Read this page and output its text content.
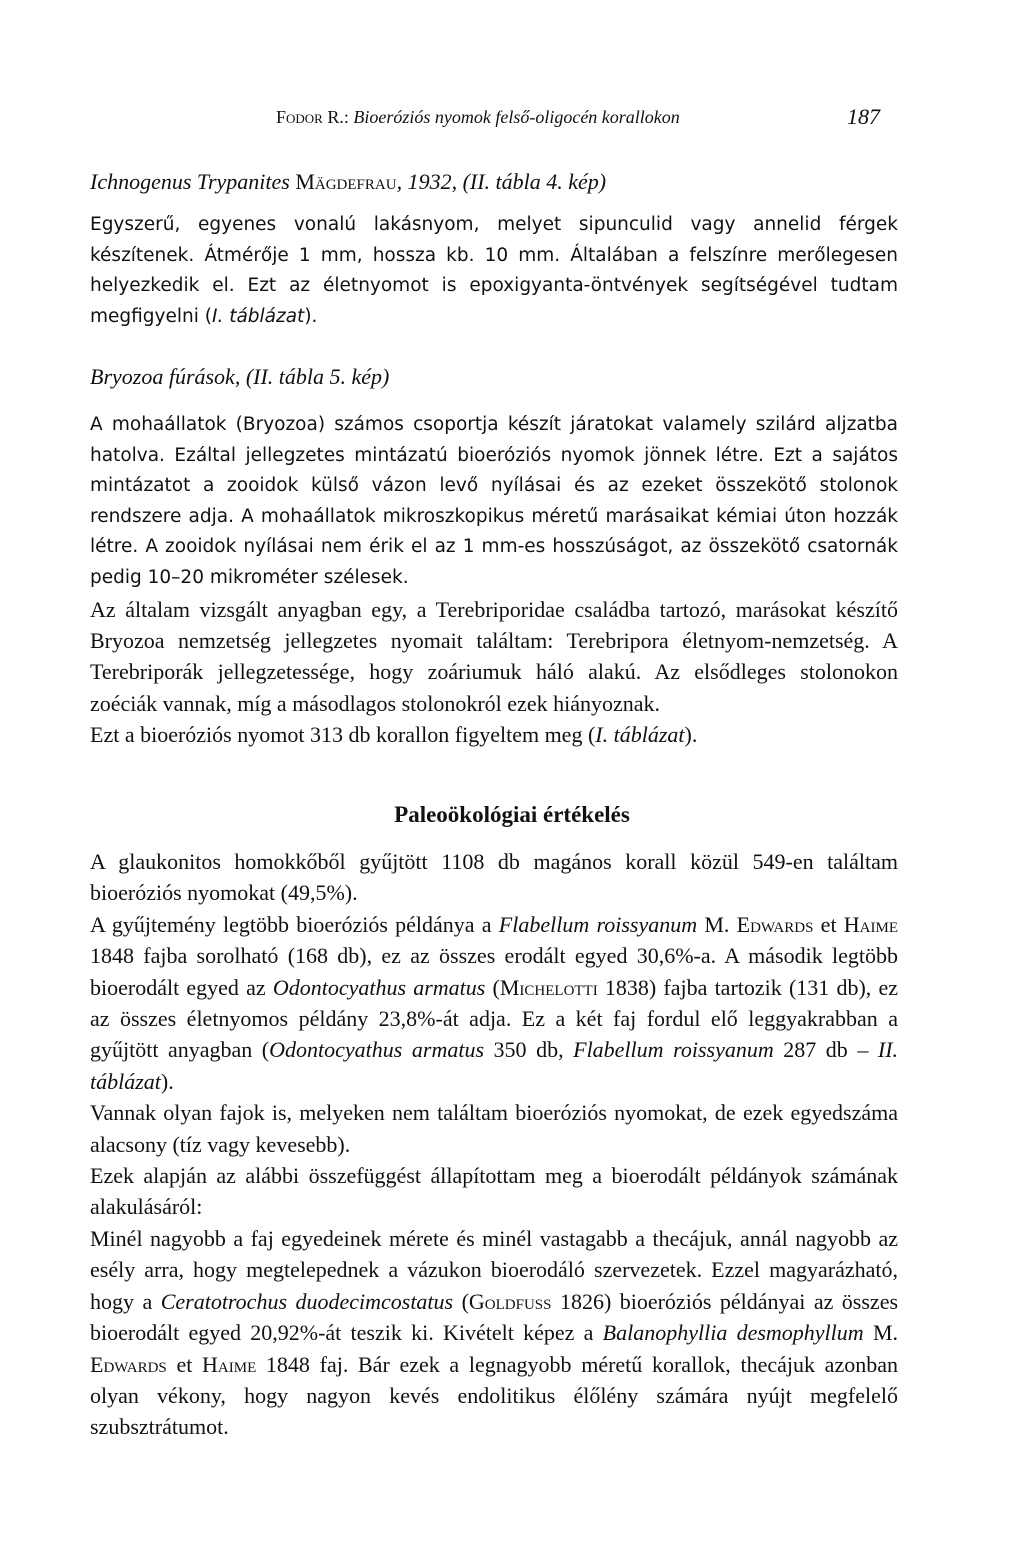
Fodor R.: Bioeróziós nyomok felső-oligocén korallokon	187
Ichnogenus Trypanites Mägdefrau, 1932, (II. tábla 4. kép)

Egyszerű, egyenes vonalú lakásnyom, melyet sipunculid vagy annelid férgek készítenek. Átmérője 1 mm, hossza kb. 10 mm. Általában a felszínre merőlegesen helyezkedik el. Ezt az életnyomot is epoxigyanta-öntvények segítségével tudtam megfigyelni (I. táblázat).

Bryozoa fúrások, (II. tábla 5. kép)

A mohaállatok (Bryozoa) számos csoportja készít járatokat valamely szilárd aljzatba hatolva. Ezáltal jellegzetes mintázatú bioeróziós nyomok jönnek létre. Ezt a sajátos mintázatot a zooidok külső vázon levő nyílásai és az ezeket összekötő stolonok rendszere adja. A mohaállatok mikroszkopikus méretű marásaikat kémiai úton hozzák létre. A zooidok nyílásai nem érik el az 1 mm-es hosszúságot, az összekötő csatornák pedig 10–20 mikrométer szélesek.

Az általam vizsgált anyagban egy, a Terebriporidae családba tartozó, marásokat készítő Bryozoa nemzetség jellegzetes nyomait találtam: Terebripora életnyom-nemzetség. A Terebriporák jellegzetessége, hogy zoáriumuk háló alakú. Az elsődleges stolonokon zoéciák vannak, míg a másodlagos stolonokról ezek hiányoznak.

Ezt a bioeróziós nyomot 313 db korallon figyeltem meg (I. táblázat).

Paleoökológiai értékelés

A glaukonitos homokkőből gyűjtött 1108 db magános korall közül 549-en találtam bioeróziós nyomokat (49,5%).

A gyűjtemény legtöbb bioeróziós példánya a Flabellum roissyanum M. Edwards et Haime 1848 fajba sorolható (168 db), ez az összes erodált egyed 30,6%-a. A második legtöbb bioerodált egyed az Odontocyathus armatus (Michelotti 1838) fajba tartozik (131 db), ez az összes életnyomos példány 23,8%-át adja. Ez a két faj fordul elő leggyakrabban a gyűjtött anyagban (Odontocyathus armatus 350 db, Flabellum roissyanum 287 db – II. táblázat).

Vannak olyan fajok is, melyeken nem találtam bioeróziós nyomokat, de ezek egyedszáma alacsony (tíz vagy kevesebb).

Ezek alapján az alábbi összefüggést állapítottam meg a bioerodált példányok számának alakulásáról:

Minél nagyobb a faj egyedeinek mérete és minél vastagabb a thecájuk, annál nagyobb az esély arra, hogy megtelepednek a vázukon bioerodáló szervezetek. Ezzel magyarázható, hogy a Ceratotrochus duodecimcostatus (Goldfuss 1826) bioeróziós példányai az összes bioerodált egyed 20,92%-át teszik ki. Kivételt képez a Balanophyllia desmophyllum M. Edwards et Haime 1848 faj. Bár ezek a legnagyobb méretű korallok, thecájuk azonban olyan vékony, hogy nagyon kevés endolitikus élőlény számára nyújt megfelelő szubsztrátumot.
